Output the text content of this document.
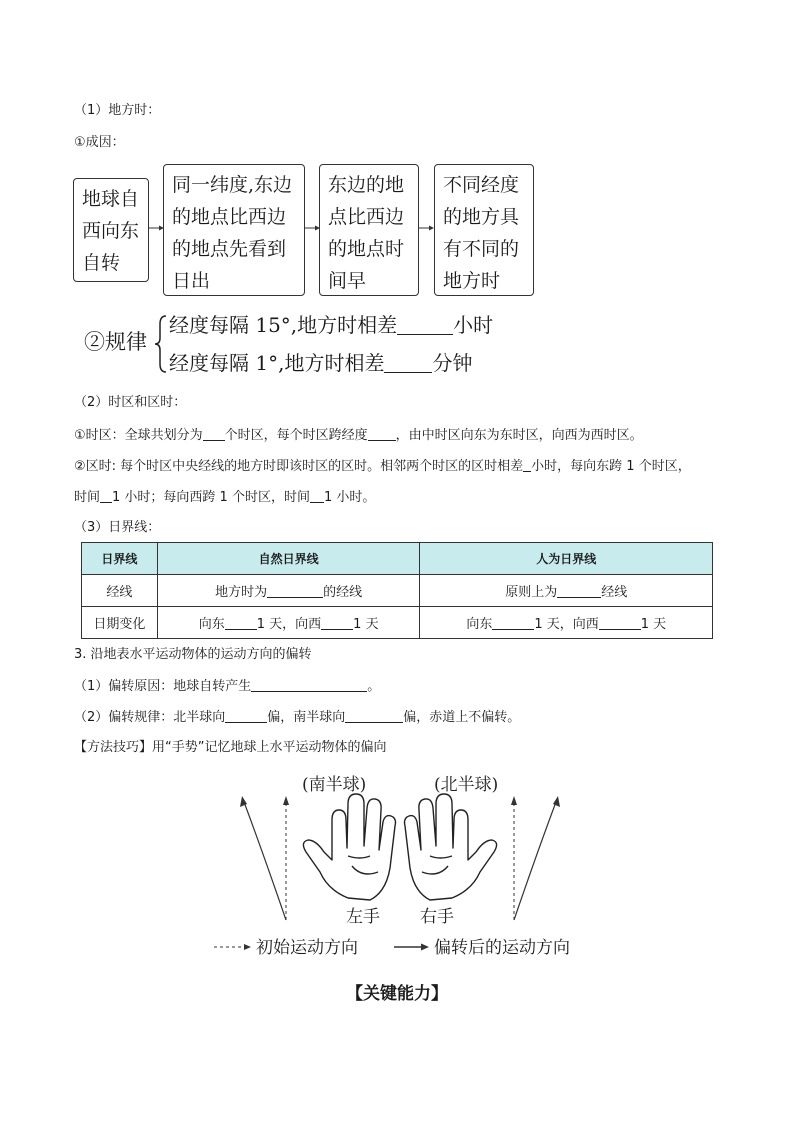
（1）地方时：
①成因：
地球自西向东自转
同一纬度,东边的地点比西边的地点先看到日出
东边的地点比西边的地点时间早
不同经度的地方具有不同的地方时
②规律
经度每隔 15°,地方时相差	小时
经度每隔 1°,地方时相差 分钟
（2）时区和区时：
①时区：全球共划分为 个时区，每个时区跨经度 ，由中时区向东为东时区，向西为西时区。
②区时: 每个时区中央经线的地方时即该时区的区时。相邻两个时区的区时相差 小时，每向东跨 1 个时区，
时间 1 小时；每向西跨 1 个时区，时间 1 小时。
（3）日界线：
日界线	自然日界线	人为日界线
经线	地方时为 的经线	原则上为 经线
日期变化	向东 1 天，向西 1 天	向东 1 天，向西 1 天
3. 沿地表水平运动物体的运动方向的偏转
（1）偏转原因：地球自转产生	。
（2）偏转规律：北半球向	偏，南半球向	偏，赤道上不偏转。
【方法技巧】用“手势”记忆地球上水平运动物体的偏向
(南半球)	(北半球)
左手 右手
初始运动方向	偏转后的运动方向
【关键能力】
